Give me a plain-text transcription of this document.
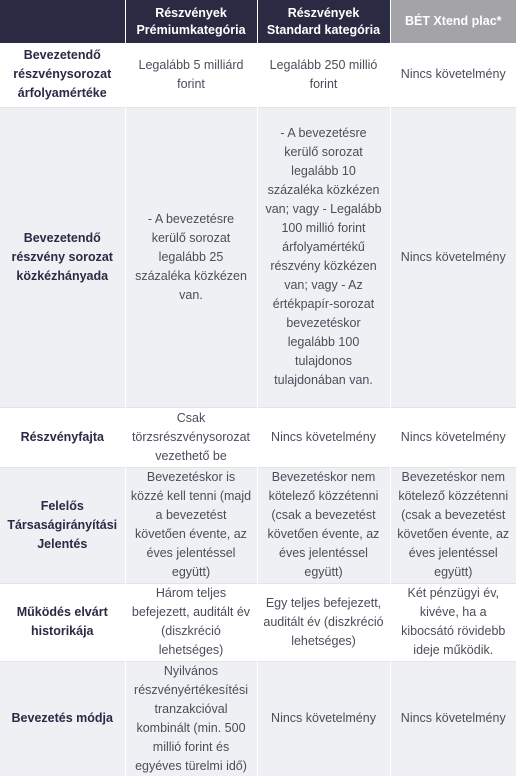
	Részvények Prémiumkategória	Részvények Standard kategória	BÉT Xtend plac*
Bevezetendő részvénysorozat árfolyamértéke	Legalább 5 milliárd forint	Legalább 250 millió forint	Nincs követelmény
Bevezetendő részvény sorozat közkézhányada	- A bevezetésre kerülő sorozat legalább 25 százaléka közkézen van.	- A bevezetésre kerülő sorozat legalább 10 százaléka közkézen van; vagy - Legalább 100 millió forint árfolyamértékű részvény közkézen van; vagy - Az értékpapír-sorozat bevezetéskor legalább 100 tulajdonos tulajdonában van.	Nincs követelmény
Részvényfajta	Csak törzsrészvénysorozat vezethető be	Nincs követelmény	Nincs követelmény
Felelős Társaságirányítási Jelentés	Bevezetéskor is közzé kell tenni (majd a bevezetést követően évente, az éves jelentéssel együtt)	Bevezetéskor nem kötelező közzétenni (csak a bevezetést követően évente, az éves jelentéssel együtt)	Bevezetéskor nem kötelező közzétenni (csak a bevezetést követően évente, az éves jelentéssel együtt)
Működés elvárt historikája	Három teljes befejezett, auditált év (diszkréció lehetséges)	Egy teljes befejezett, auditált év (diszkréció lehetséges)	Két pénzügyi év, kivéve, ha a kibocsátó rövidebb ideje működik.
Bevezetés módja	Nyilvános részvényértékesítési tranzakcióval kombinált (min. 500 millió forint és egyéves türelmi idő)	Nincs követelmény	Nincs követelmény
